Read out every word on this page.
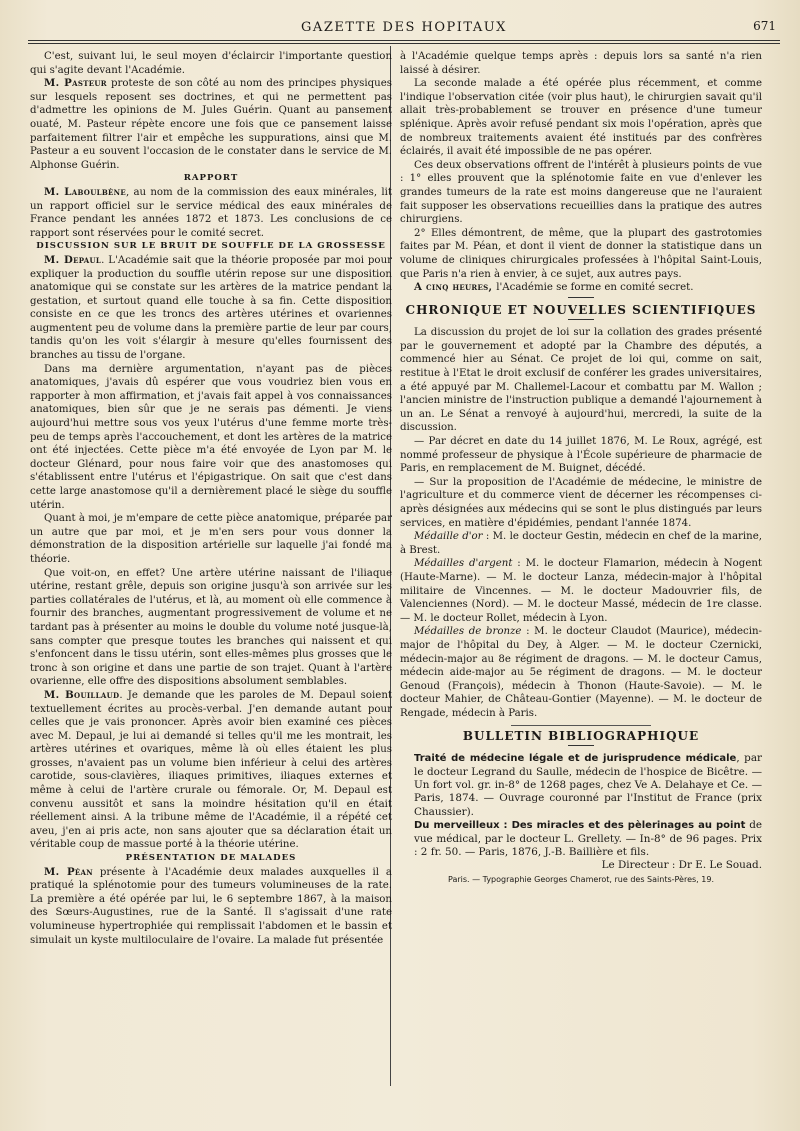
GAZETTE DES HOPITAUX	671

C'est, suivant lui, le seul moyen d'éclaircir l'importante question qui s'agite devant l'Académie.

M. Pasteur proteste de son côté au nom des principes physiques sur lesquels reposent ses doctrines, et qui ne permettent pas d'admettre les opinions de M. Jules Guérin. Quant au pansement ouaté, M. Pasteur répète encore une fois que ce pansement laisse parfaitement filtrer l'air et empêche les suppurations, ainsi que M. Pasteur a eu souvent l'occasion de le constater dans le service de M. Alphonse Guérin.

RAPPORT

M. Laboulbène, au nom de la commission des eaux minérales, lit un rapport officiel sur le service médical des eaux minérales de France pendant les années 1872 et 1873. Les conclusions de ce rapport sont réservées pour le comité secret.

DISCUSSION SUR LE BRUIT DE SOUFFLE DE LA GROSSESSE

M. Depaul. L'Académie sait que la théorie proposée par moi pour expliquer la production du souffle utérin repose sur une disposition anatomique qui se constate sur les artères de la matrice pendant la gestation, et surtout quand elle touche à sa fin. Cette disposition consiste en ce que les troncs des artères utérines et ovariennes augmentent peu de volume dans la première partie de leur par cours, tandis qu'on les voit s'élargir à mesure qu'elles fournissent des branches au tissu de l'organe.

Dans ma dernière argumentation, n'ayant pas de pièces anatomiques, j'avais dû espérer que vous voudriez bien vous en rapporter à mon affirmation, et j'avais fait appel à vos connaissances anatomiques, bien sûr que je ne serais pas démenti. Je viens aujourd'hui mettre sous vos yeux l'utérus d'une femme morte très-peu de temps après l'accouchement, et dont les artères de la matrice ont été injectées. Cette pièce m'a été envoyée de Lyon par M. le docteur Glénard, pour nous faire voir que des anastomoses qui s'établissent entre l'utérus et l'épigastrique. On sait que c'est dans cette large anastomose qu'il a dernièrement placé le siège du souffle utérin.

Quant à moi, je m'empare de cette pièce anatomique, préparée par un autre que par moi, et je m'en sers pour vous donner la démonstration de la disposition artérielle sur laquelle j'ai fondé ma théorie.

Que voit-on, en effet? Une artère utérine naissant de l'iliaque utérine, restant grêle, depuis son origine jusqu'à son arrivée sur les parties collatérales de l'utérus, et là, au moment où elle commence à fournir des branches, augmentant progressivement de volume et ne tardant pas à présenter au moins le double du volume noté jusque-là, sans compter que presque toutes les branches qui naissent et qui s'enfoncent dans le tissu utérin, sont elles-mêmes plus grosses que le tronc à son origine et dans une partie de son trajet. Quant à l'artère ovarienne, elle offre des dispositions absolument semblables.

M. Bouillaud. Je demande que les paroles de M. Depaul soient textuellement écrites au procès-verbal. J'en demande autant pour celles que je vais prononcer. Après avoir bien examiné ces pièces avec M. Depaul, je lui ai demandé si telles qu'il me les montrait, les artères utérines et ovariques, même là où elles étaient les plus grosses, n'avaient pas un volume bien inférieur à celui des artères carotide, sous-clavières, iliaques primitives, iliaques externes et même à celui de l'artère crurale ou fémorale. Or, M. Depaul est convenu aussitôt et sans la moindre hésitation qu'il en était réellement ainsi. A la tribune même de l'Académie, il a répété cet aveu, j'en ai pris acte, non sans ajouter que sa déclaration était un véritable coup de massue porté à la théorie utérine.

PRÉSENTATION DE MALADES

M. Péan présente à l'Académie deux malades auxquelles il a pratiqué la splénotomie pour des tumeurs volumineuses de la rate. La première a été opérée par lui, le 6 septembre 1867, à la maison des Sœurs-Augustines, rue de la Santé. Il s'agissait d'une rate volumineuse hypertrophiée qui remplissait l'abdomen et le bassin et simulait un kyste multiloculaire de l'ovaire. La malade fut présentée

à l'Académie quelque temps après : depuis lors sa santé n'a rien laissé à désirer.

La seconde malade a été opérée plus récemment, et comme l'indique l'observation citée (voir plus haut), le chirurgien savait qu'il allait très-probablement se trouver en présence d'une tumeur splénique. Après avoir refusé pendant six mois l'opération, après que de nombreux traitements avaient été institués par des confrères éclairés, il avait été impossible de ne pas opérer.

Ces deux observations offrent de l'intérêt à plusieurs points de vue : 1° elles prouvent que la splénotomie faite en vue d'enlever les grandes tumeurs de la rate est moins dangereuse que ne l'auraient fait supposer les observations recueillies dans la pratique des autres chirurgiens.

2° Elles démontrent, de même, que la plupart des gastrotomies faites par M. Péan, et dont il vient de donner la statistique dans un volume de cliniques chirurgicales professées à l'hôpital Saint-Louis, que Paris n'a rien à envier, à ce sujet, aux autres pays.

A cinq heures, l'Académie se forme en comité secret.

CHRONIQUE ET NOUVELLES SCIENTIFIQUES

La discussion du projet de loi sur la collation des grades présenté par le gouvernement et adopté par la Chambre des députés, a commencé hier au Sénat. Ce projet de loi qui, comme on sait, restitue à l'Etat le droit exclusif de conférer les grades universitaires, a été appuyé par M. Challemel-Lacour et combattu par M. Wallon ; l'ancien ministre de l'instruction publique a demandé l'ajournement à un an. Le Sénat a renvoyé à aujourd'hui, mercredi, la suite de la discussion.

— Par décret en date du 14 juillet 1876, M. Le Roux, agrégé, est nommé professeur de physique à l'École supérieure de pharmacie de Paris, en remplacement de M. Buignet, décédé.

— Sur la proposition de l'Académie de médecine, le ministre de l'agriculture et du commerce vient de décerner les récompenses ci-après désignées aux médecins qui se sont le plus distingués par leurs services, en matière d'épidémies, pendant l'année 1874.

Médaille d'or : M. le docteur Gestin, médecin en chef de la marine, à Brest.

Médailles d'argent : M. le docteur Flamarion, médecin à Nogent (Haute-Marne). — M. le docteur Lanza, médecin-major à l'hôpital militaire de Vincennes. — M. le docteur Madouvrier fils, de Valenciennes (Nord). — M. le docteur Massé, médecin de 1re classe. — M. le docteur Rollet, médecin à Lyon.

Médailles de bronze : M. le docteur Claudot (Maurice), médecin-major de l'hôpital du Dey, à Alger. — M. le docteur Czernicki, médecin-major au 8e régiment de dragons. — M. le docteur Camus, médecin aide-major au 5e régiment de dragons. — M. le docteur Genoud (François), médecin à Thonon (Haute-Savoie). — M. le docteur Mahier, de Château-Gontier (Mayenne). — M. le docteur de Rengade, médecin à Paris.

BULLETIN BIBLIOGRAPHIQUE

Traité de médecine légale et de jurisprudence médicale, par le docteur Legrand du Saulle, médecin de l'hospice de Bicêtre. — Un fort vol. gr. in-8° de 1268 pages, chez Ve A. Delahaye et Ce. — Paris, 1874. — Ouvrage couronné par l'Institut de France (prix Chaussier).

Du merveilleux : Des miracles et des pèlerinages au point de vue médical, par le docteur L. Grellety. — In-8° de 96 pages. Prix : 2 fr. 50. — Paris, 1876, J.-B. Baillière et fils.

Le Directeur : Dr E. Le Souad.

Paris. — Typographie Georges Chamerot, rue des Saints-Pères, 19.
